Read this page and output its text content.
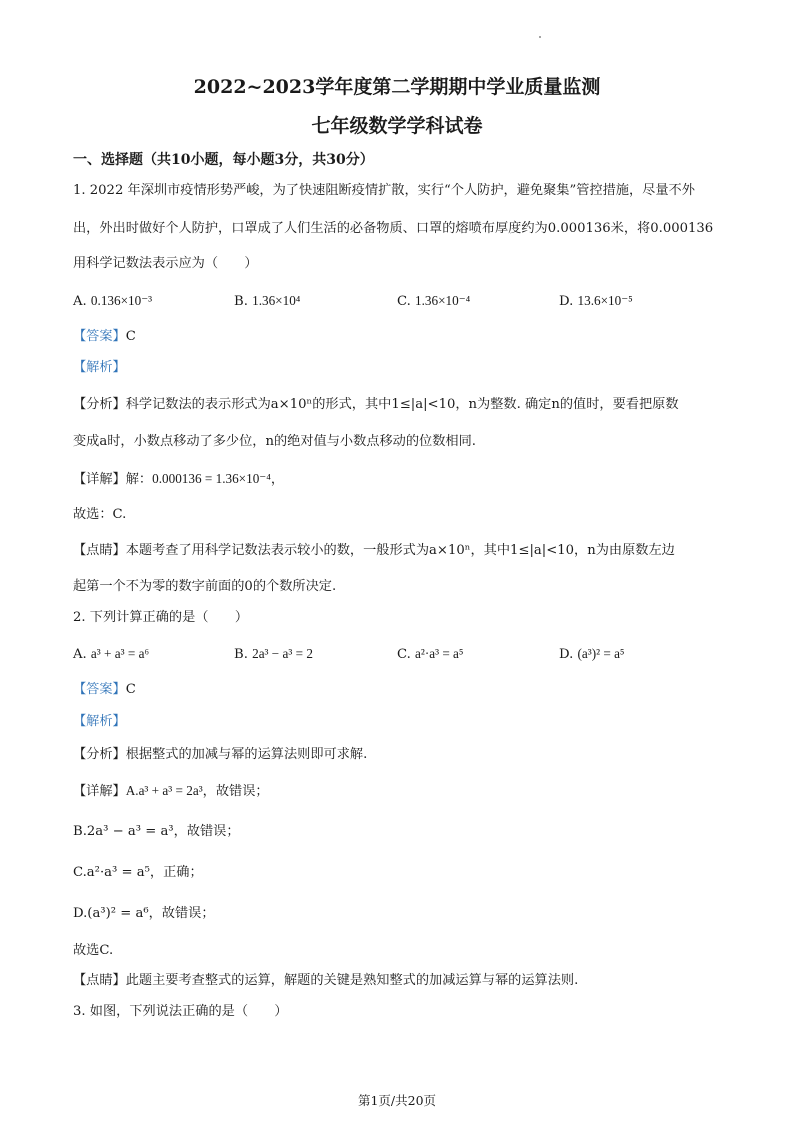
2022~2023学年度第二学期期中学业质量监测
七年级数学学科试卷
一、选择题（共10小题，每小题3分，共30分）
1. 2022 年深圳市疫情形势严峻，为了快速阻断疫情扩散，实行“个人防护，避免聚集”管控措施，尽量不外
出，外出时做好个人防护，口罩成了人们生活的必备物质、口罩的熔喷布厚度约为0.000136米，将0.000136
用科学记数法表示应为（　　）
A. 0.136×10⁻³	B. 1.36×10⁴	C. 1.36×10⁻⁴	D. 13.6×10⁻⁵
【答案】C
【解析】
【分析】科学记数法的表示形式为a×10ⁿ的形式，其中1≤|a|<10，n为整数. 确定n的值时，要看把原数
变成a时，小数点移动了多少位，n的绝对值与小数点移动的位数相同.
【详解】解：0.000136 = 1.36×10⁻⁴，
故选：C.
【点睛】本题考查了用科学记数法表示较小的数，一般形式为a×10ⁿ，其中1≤|a|<10，n为由原数左边
起第一个不为零的数字前面的0的个数所决定.
2. 下列计算正确的是（　　）
A. a³ + a³ = a⁶	B. 2a³ − a³ = 2	C. a²·a³ = a⁵	D. (a³)² = a⁵
【答案】C
【解析】
【分析】根据整式的加减与幂的运算法则即可求解.
【详解】A.a³ + a³ = 2a³，故错误；
B.2a³ − a³ = a³，故错误；
C.a²·a³ = a⁵，正确；
D.(a³)² = a⁶，故错误；
故选C.
【点睛】此题主要考查整式的运算，解题的关键是熟知整式的加减运算与幂的运算法则.
3. 如图，下列说法正确的是（　　）
第1页/共20页
